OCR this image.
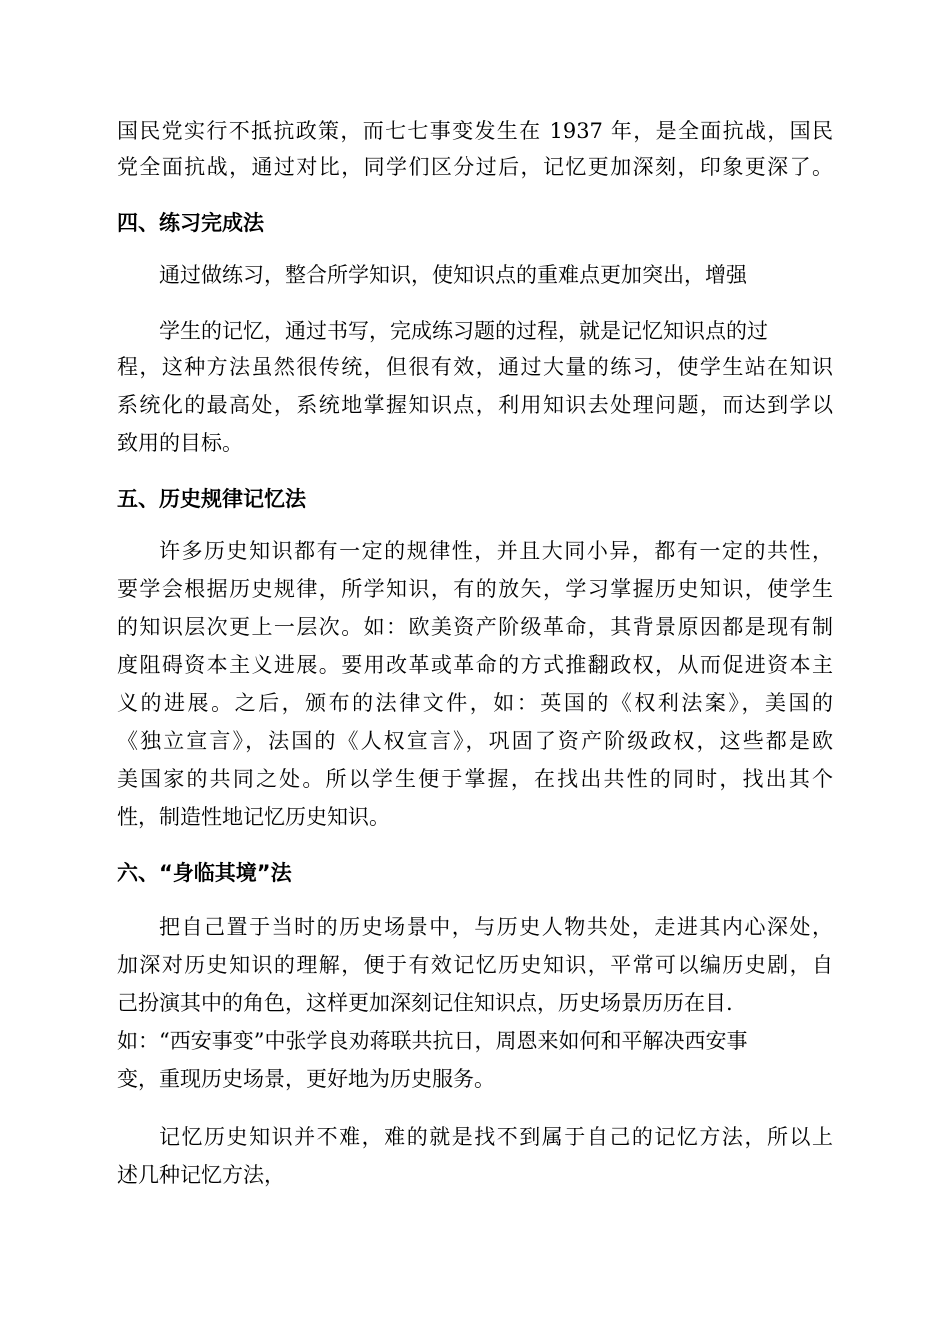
国民党实行不抵抗政策，而七七事变发生在 1937 年，是全面抗战，国民
党全面抗战，通过对比，同学们区分过后，记忆更加深刻，印象更深了。
四、练习完成法
通过做练习，整合所学知识，使知识点的重难点更加突出，增强
学生的记忆，通过书写，完成练习题的过程，就是记忆知识点的过
程，这种方法虽然很传统，但很有效，通过大量的练习，使学生站在知识
系统化的最高处，系统地掌握知识点，利用知识去处理问题，而达到学以
致用的目标。
五、历史规律记忆法
许多历史知识都有一定的规律性，并且大同小异，都有一定的共性，
要学会根据历史规律，所学知识，有的放矢，学习掌握历史知识，使学生
的知识层次更上一层次。如：欧美资产阶级革命，其背景原因都是现有制
度阻碍资本主义进展。要用改革或革命的方式推翻政权，从而促进资本主
义的进展。之后，颁布的法律文件，如：英国的《权利法案》，美国的
《独立宣言》，法国的《人权宣言》，巩固了资产阶级政权，这些都是欧
美国家的共同之处。所以学生便于掌握，在找出共性的同时，找出其个
性，制造性地记忆历史知识。
六、“身临其境”法
把自己置于当时的历史场景中，与历史人物共处，走进其内心深处，
加深对历史知识的理解，便于有效记忆历史知识，平常可以编历史剧，自
己扮演其中的角色，这样更加深刻记住知识点，历史场景历历在目.
如：“西安事变”中张学良劝蒋联共抗日，周恩来如何和平解决西安事
变，重现历史场景，更好地为历史服务。
记忆历史知识并不难，难的就是找不到属于自己的记忆方法，所以上
述几种记忆方法，
